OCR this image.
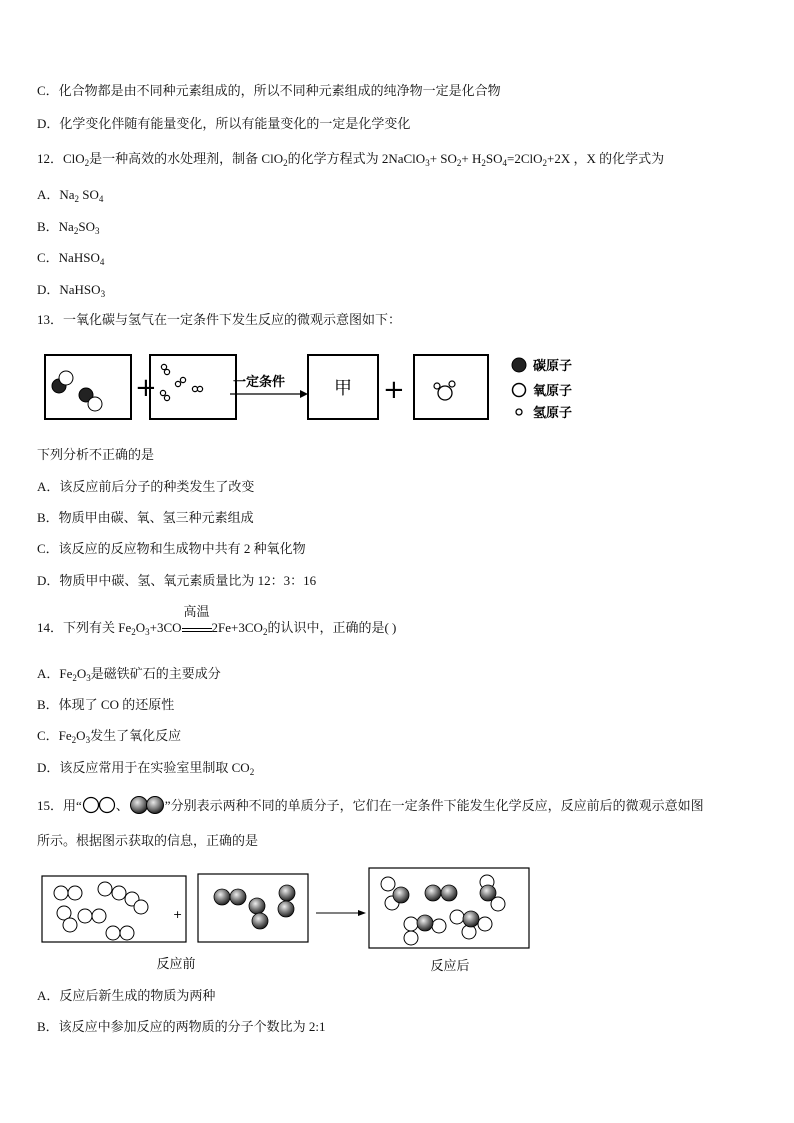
C．化合物都是由不同种元素组成的，所以不同种元素组成的纯净物一定是化合物
D．化学变化伴随有能量变化，所以有能量变化的一定是化学变化
12．ClO$_2$是一种高效的水处理剂，制备 ClO$_2$的化学方程式为 2NaClO$_3$+ $SO_2+ H_2SO_4=2ClO_2+2X$ ，X 的化学式为
A．$Na_2$ $SO_4$
B．$Na_2SO_3$
C．NaHSO$_4$
D．NaHSO$_3$
13．一氧化碳与氢气在一定条件下发生反应的微观示意图如下：
+	一定条件	甲 +
碳原子
氧原子
氢原子
下列分析不正确的是
A．该反应前后分子的种类发生了改变
B．物质甲由碳、氧、氢三种元素组成
C．该反应的反应物和生成物中共有 2 种氧化物
D．物质甲中碳、氢、氧元素质量比为 12：3：16
14．下列有关 $Fe_2O_3+3CO$
高温
$2Fe+3CO_2$的认识中，正确的是( )
A．$Fe_2O_3$是磁铁矿石的主要成分
B．体现了 CO 的还原性
C．$Fe_2O_3$发生了氧化反应
D．该反应常用于在实验室里制取 $CO_2$
15．用“	、	”分别表示两种不同的单质分子，它们在一定条件下能发生化学反应，反应前后的微观示意如图
所示。根据图示获取的信息，正确的是
+
反应前	反应后
A．反应后新生成的物质为两种
B．该反应中参加反应的两物质的分子个数比为 2:1
